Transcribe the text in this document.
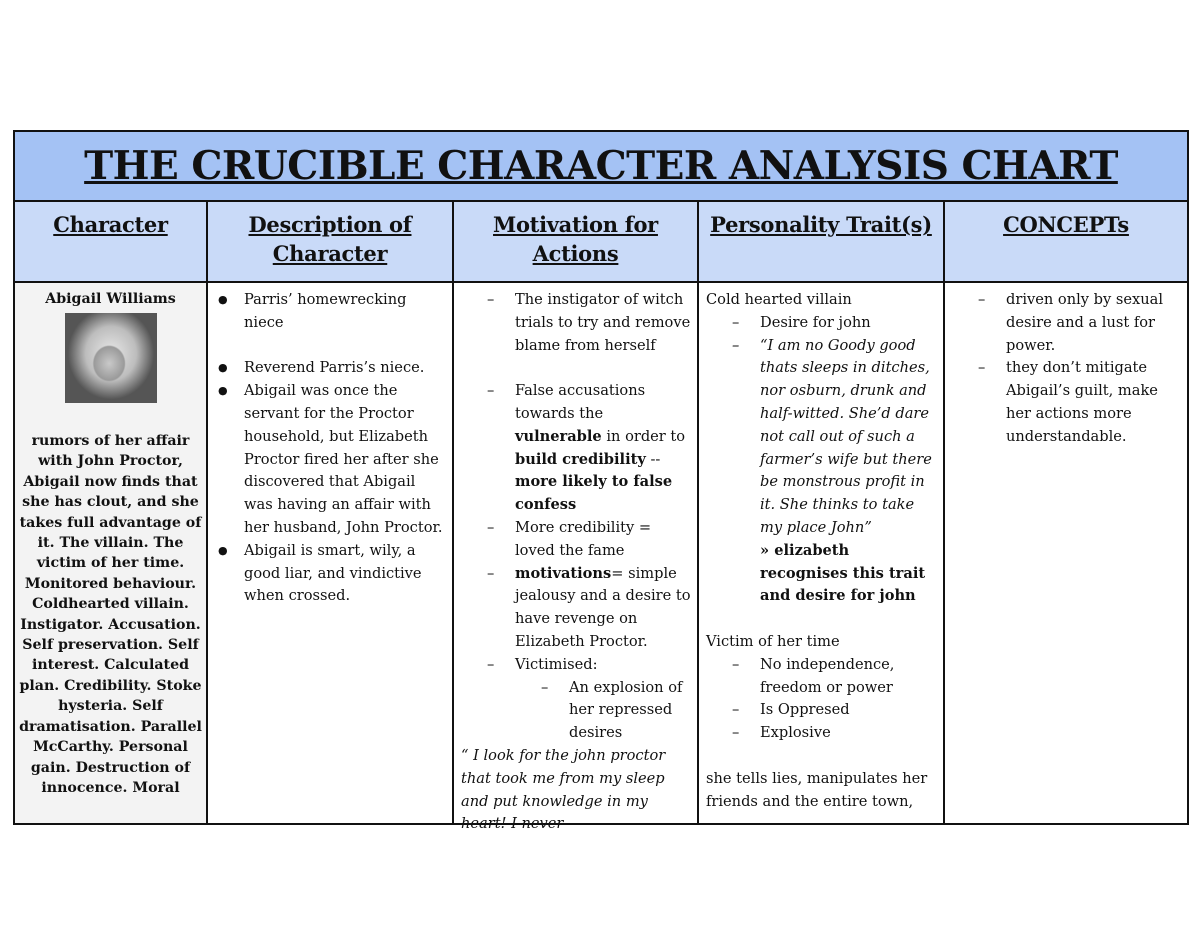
THE CRUCIBLE CHARACTER ANALYSIS CHART
Character	Description of Character
Motivation for Actions
Personality Trait(s)	CONCEPTs
Abigail Williams
rumors of her affair with John Proctor, Abigail now finds that she has clout, and she takes full advantage of it. The villain. The victim of her time. Monitored behaviour. Coldhearted villain. Instigator. Accusation. Self preservation. Self interest. Calculated plan. Credibility. Stoke hysteria. Self dramatisation. Parallel McCarthy. Personal gain. Destruction of innocence. Moral
● Parris’ homewrecking niece
● Reverend Parris’s niece.
● Abigail was once the servant for the Proctor household, but Elizabeth Proctor fired her after she discovered that Abigail was having an affair with her husband, John Proctor.
● Abigail is smart, wily, a good liar, and vindictive when crossed.
– The instigator of witch trials to try and remove blame from herself
– False accusations towards the vulnerable in order to build credibility -- more likely to false confess
– More credibility = loved the fame
– motivations= simple jealousy and a desire to have revenge on Elizabeth Proctor.
– Victimised:
– An explosion of her repressed desires
“ I look for the john proctor that took me from my sleep and put knowledge in my heart! I never
Cold hearted villain
– Desire for john
– “I am no Goody good thats sleeps in ditches, nor osburn, drunk and half-witted. She’d dare not call out of such a farmer’s wife but there be monstrous profit in it. She thinks to take my place John”
» elizabeth recognises this trait and desire for john
Victim of her time
– No independence, freedom or power
– Is Oppresed
– Explosive
she tells lies, manipulates her friends and the entire town,
– driven only by sexual desire and a lust for power.
– they don’t mitigate Abigail’s guilt, make her actions more understandable.
